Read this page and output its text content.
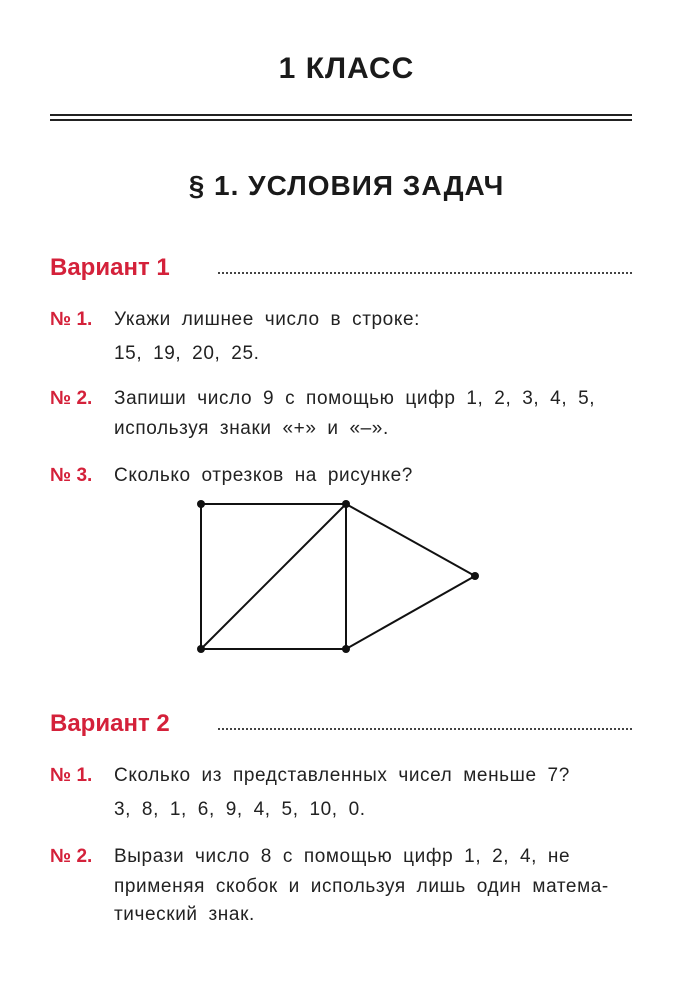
1 КЛАСС
§ 1. УСЛОВИЯ ЗАДАЧ
Вариант 1
№ 1. Укажи лишнее число в строке:
15, 19, 20, 25.
№ 2. Запиши число 9 с помощью цифр 1, 2, 3, 4, 5,
используя знаки «+» и «–».
№ 3. Сколько отрезков на рисунке?
Вариант 2
№ 1. Сколько из представленных чисел меньше 7?
3, 8, 1, 6, 9, 4, 5, 10, 0.
№ 2. Вырази число 8 с помощью цифр 1, 2, 4, не
применяя скобок и используя лишь один матема-
тический знак.
